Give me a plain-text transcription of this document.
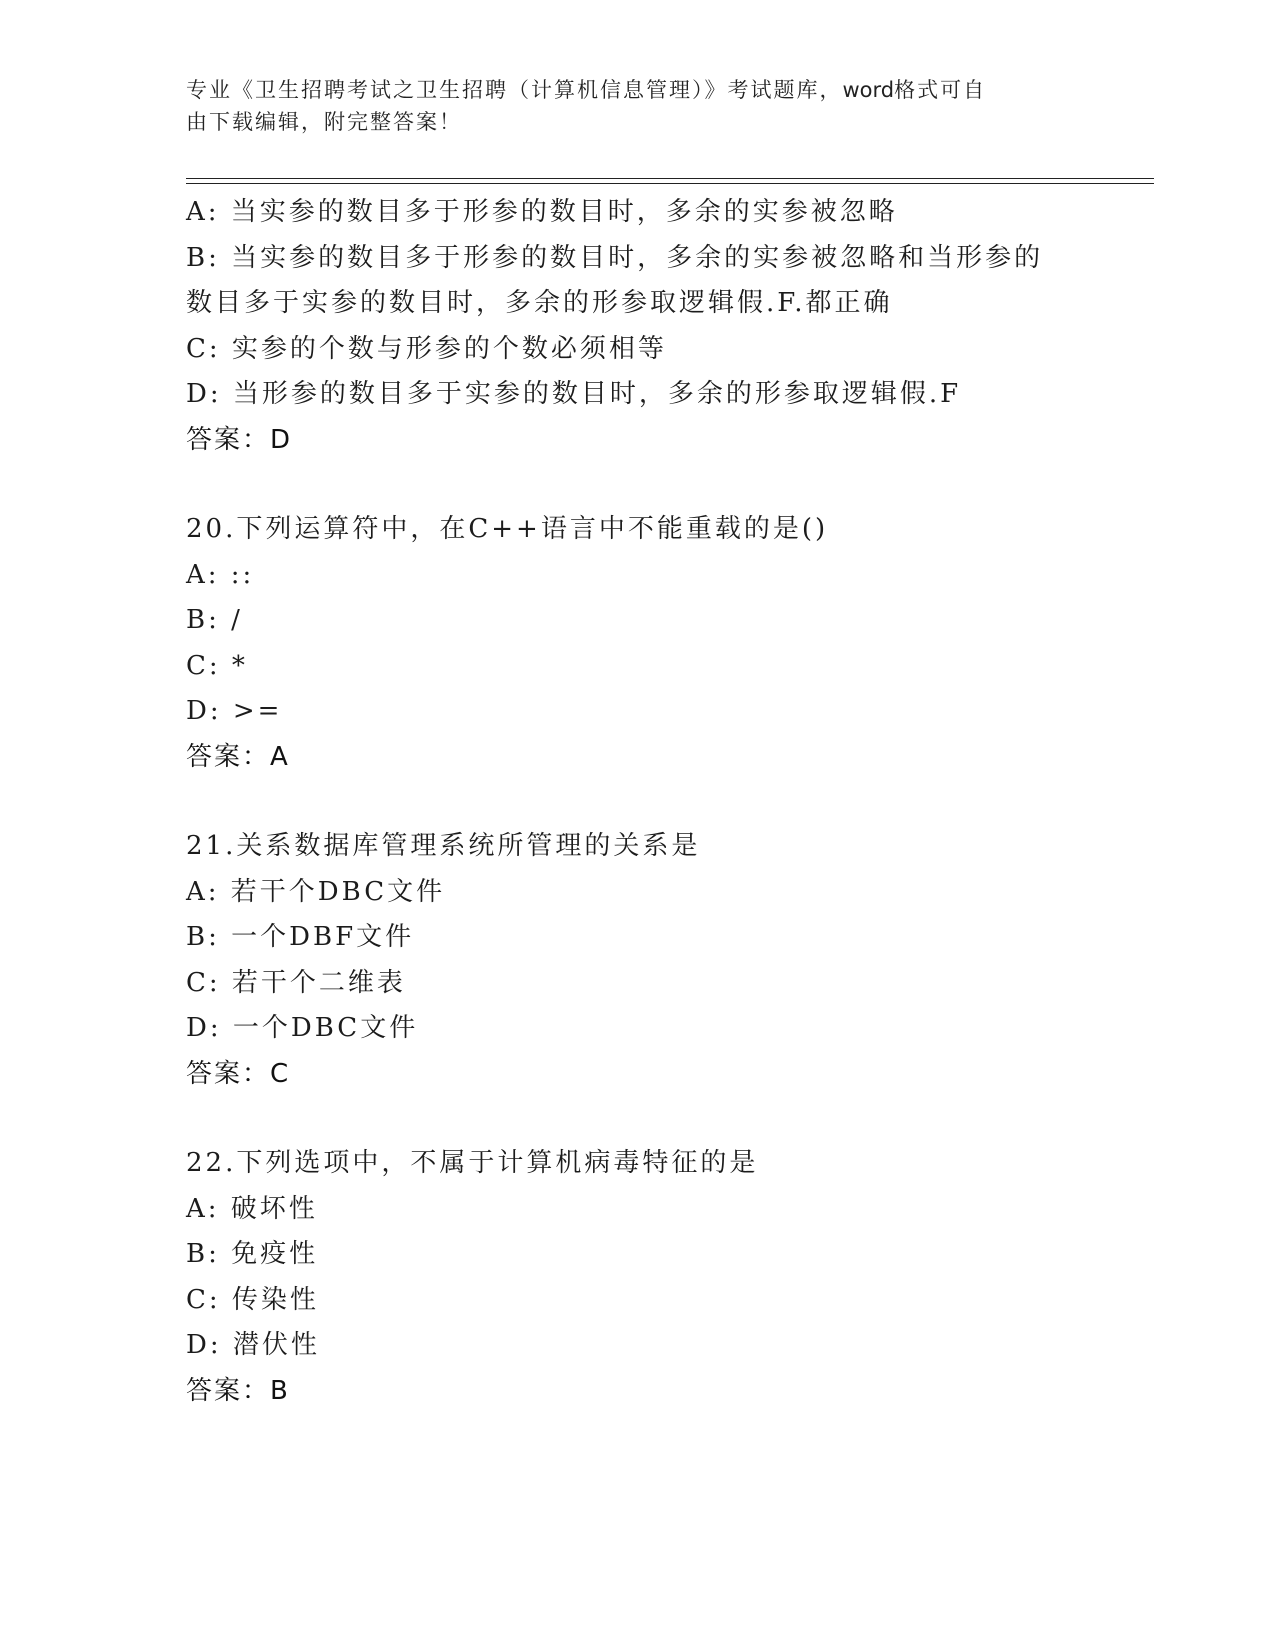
专业《卫生招聘考试之卫生招聘（计算机信息管理）》考试题库，word格式可自
由下载编辑，附完整答案！
A: 当实参的数目多于形参的数目时，多余的实参被忽略
B: 当实参的数目多于形参的数目时，多余的实参被忽略和当形参的数目多于实参的数目时，多余的形参取逻辑假.F.都正确
C: 实参的个数与形参的个数必须相等
D: 当形参的数目多于实参的数目时，多余的形参取逻辑假.F
答案：D
20.下列运算符中，在C++语言中不能重载的是()
A: ::
B: /
C: *
D: >=
答案：A
21.关系数据库管理系统所管理的关系是
A: 若干个DBC文件
B: 一个DBF文件
C: 若干个二维表
D: 一个DBC文件
答案：C
22.下列选项中，不属于计算机病毒特征的是
A: 破坏性
B: 免疫性
C: 传染性
D: 潜伏性
答案：B
